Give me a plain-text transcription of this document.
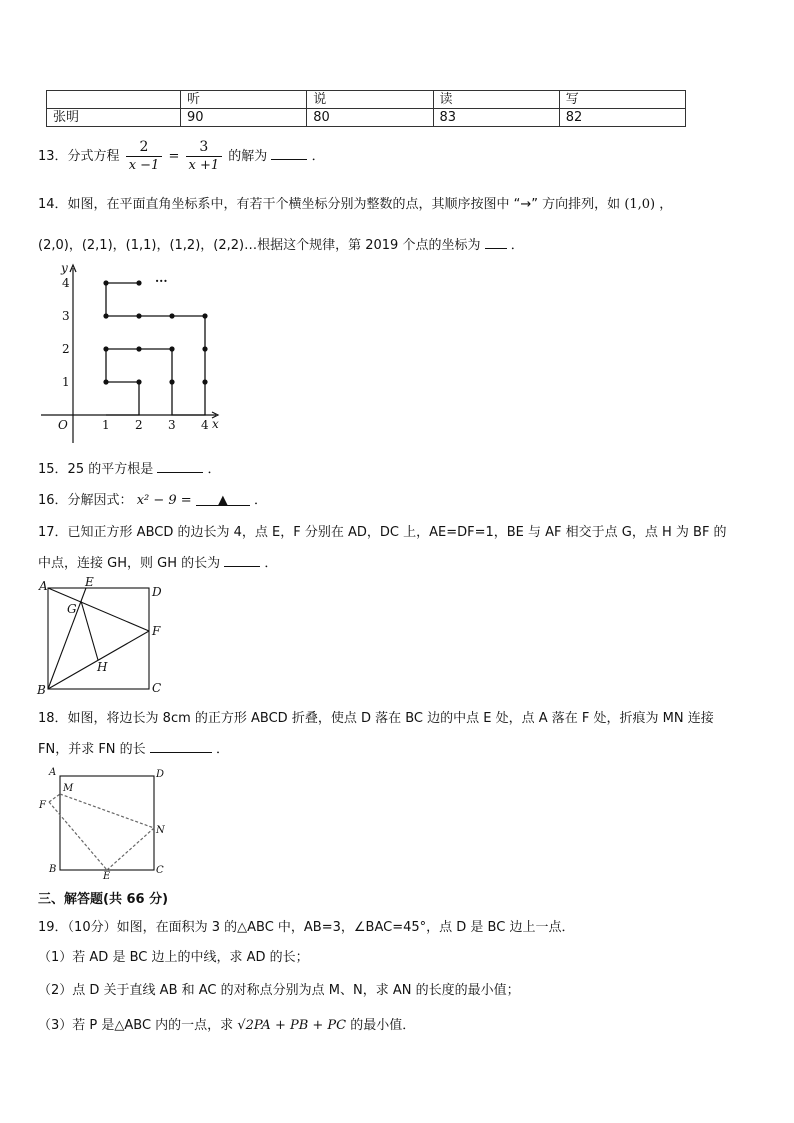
	听	说	读	写
张明	90	80	83	82
13．分式方程 $\frac{2}{x -1} = \frac{3}{x +1}$ 的解为	．
14．如图，在平面直角坐标系中，有若干个横坐标分别为整数的点，其顺序按图中 “→” 方向排列，如 (1,0) ，
(2,0)，(2,1)，(1,1)，(1,2)，(2,2)…根据这个规律，第 2019 个点的坐标为 ．
···
y
x
O	1 2 3 4
1
2
3
4
15．25 的平方根是	．
16．分解因式： x² − 9 = ▲ ．
17．已知正方形 ABCD 的边长为 4，点 E，F 分别在 AD，DC 上，AE=DF=1，BE 与 AF 相交于点 G，点 H 为 BF 的
中点，连接 GH，则 GH 的长为	．
A	E
D
G
F
H
B	C
18．如图，将边长为 8cm 的正方形 ABCD 折叠，使点 D 落在 BC 边的中点 E 处，点 A 落在 F 处，折痕为 MN 连接
FN，并求 FN 的长	．
A	D
M
F
N
B	C
E
三、解答题(共 66 分)
19．（10分）如图，在面积为 3 的△ABC 中，AB=3，∠BAC=45°，点 D 是 BC 边上一点．
（1）若 AD 是 BC 边上的中线，求 AD 的长；
（2）点 D 关于直线 AB 和 AC 的对称点分别为点 M、N，求 AN 的长度的最小值；
（3）若 P 是△ABC 内的一点，求 √2PA + PB + PC 的最小值．
